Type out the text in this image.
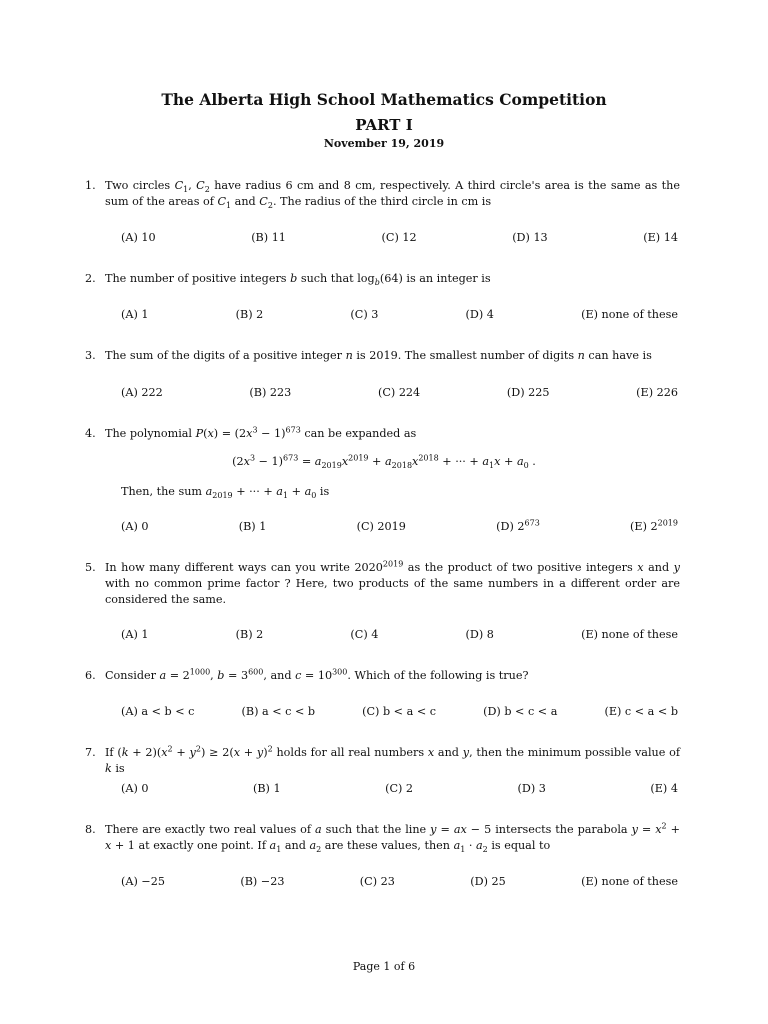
The Alberta High School Mathematics Competition
PART I
November 19, 2019
1. Two circles $C_1$, $C_2$ have radius 6 cm and 8 cm, respectively. A third circle's area is the same as the sum of the areas of $C_1$ and $C_2$. The radius of the third circle in cm is
(A) 10	(B) 11	(C) 12	(D) 13	(E) 14
2. The number of positive integers b such that $\log_b(64)$ is an integer is
(A) 1	(B) 2	(C) 3	(D) 4	(E) none of these
3. The sum of the digits of a positive integer n is 2019. The smallest number of digits n can have is
(A) 222	(B) 223	(C) 224	(D) 225	(E) 226
4. The polynomial $P(x) = (2x^3 - 1)^{673}$ can be expanded as
$(2x^3 - 1)^{673} = a_{2019}x^{2019} + a_{2018}x^{2018}$ + ··· + $a_1x + a_0$ .
Then, the sum $a_{2019}$ + ··· + $a_1 + a_0$ is
(A) 0	(B) 1	(C) 2019	(D) $2^{673}$	(E) $2^{2019}$
5. In how many different ways can you write $2020^{2019}$ as the product of two positive integers x and y with no common prime factor ? Here, two products of the same numbers in a different order are considered the same.
(A) 1	(B) 2	(C) 4	(D) 8	(E) none of these
6. Consider $a = 2^{1000}$, $b = 3^{600}$, and $c = 10^{300}$. Which of the following is true?
(A) a < b < c	(B) a < c < b	(C) b < a < c	(D) b < c < a	(E) c < a < b
7. If $(k + 2)(x^2 + y^2) \ge 2(x + y)^2$ holds for all real numbers x and y, then the minimum possible value of k is
(A) 0	(B) 1	(C) 2	(D) 3	(E) 4
8. There are exactly two real values of a such that the line y = ax − 5 intersects the parabola $y = x^2 + x + 1$ at exactly one point. If $a_1$ and $a_2$ are these values, then $a_1 \cdot a_2$ is equal to
(A) −25	(B) −23	(C) 23	(D) 25	(E) none of these
Page 1 of 6
